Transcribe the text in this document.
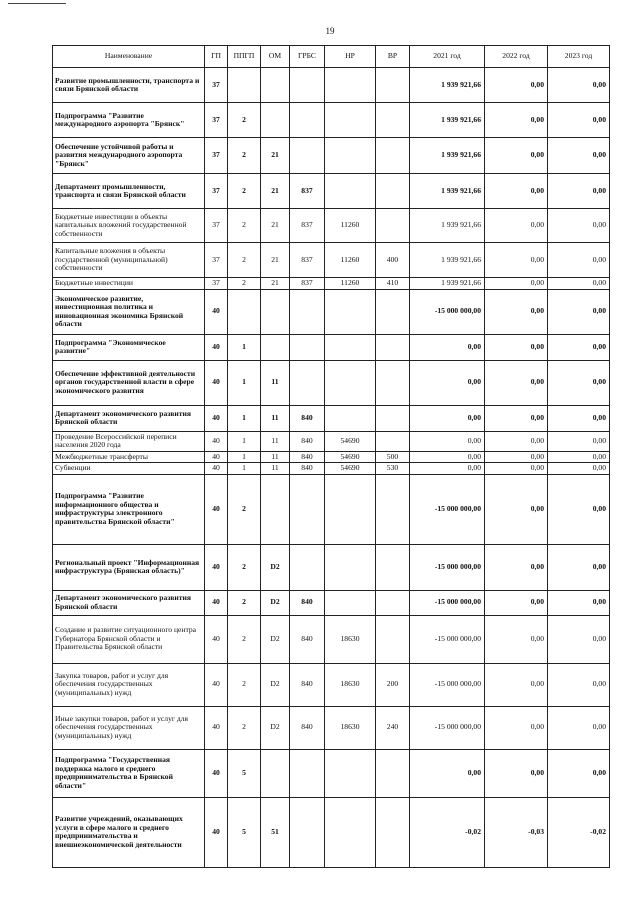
19
Наименование	ГП	ППГП	ОМ	ГРБС	НР	ВР	2021 год	2022 год	2023 год
Развитие промышленности, транспорта и связи Брянской области	37						1 939 921,66	0,00	0,00
Подпрограмма "Развитие международного аэропорта "Брянск"	37	2					1 939 921,66	0,00	0,00
Обеспечение устойчивой работы и развития международного аэропорта "Брянск"	37	2	21				1 939 921,66	0,00	0,00
Департамент промышленности, транспорта и связи Брянской области	37	2	21	837			1 939 921,66	0,00	0,00
Бюджетные инвестиции в объекты капитальных вложений государственной собственности	37	2	21	837	11260		1 939 921,66	0,00	0,00
Капитальные вложения в объекты государственной (муниципальной) собственности	37	2	21	837	11260	400	1 939 921,66	0,00	0,00
Бюджетные инвестиции	37	2	21	837	11260	410	1 939 921,66	0,00	0,00
Экономическое развитие, инвестиционная политика и инновационная экономика Брянской области	40						-15 000 000,00	0,00	0,00
Подпрограмма "Экономическое развитие"	40	1					0,00	0,00	0,00
Обеспечение эффективной деятельности органов государственной власти в сфере экономического развития	40	1	11				0,00	0,00	0,00
Департамент экономического развития Брянской области	40	1	11	840			0,00	0,00	0,00
Проведение Всероссийской переписи населения 2020 года	40	1	11	840	54690		0,00	0,00	0,00
Межбюджетные трансферты	40	1	11	840	54690	500	0,00	0,00	0,00
Субвенции	40	1	11	840	54690	530	0,00	0,00	0,00
Подпрограмма "Развитие информационного общества и инфраструктуры электронного правительства Брянской области"	40	2					-15 000 000,00	0,00	0,00
Региональный проект "Информационная инфраструктура (Брянская область)"	40	2	D2				-15 000 000,00	0,00	0,00
Департамент экономического развития Брянской области	40	2	D2	840			-15 000 000,00	0,00	0,00
Создание и развитие ситуационного центра Губернатора Брянской области и Правительства Брянской области	40	2	D2	840	18630		-15 000 000,00	0,00	0,00
Закупка товаров, работ и услуг для обеспечения государственных (муниципальных) нужд	40	2	D2	840	18630	200	-15 000 000,00	0,00	0,00
Иные закупки товаров, работ и услуг для обеспечения государственных (муниципальных) нужд	40	2	D2	840	18630	240	-15 000 000,00	0,00	0,00
Подпрограмма "Государственная поддержка малого и среднего предпринимательства в Брянской области"	40	5					0,00	0,00	0,00
Развитие учреждений, оказывающих услуги в сфере малого и среднего предпринимательства и внешнеэкономической деятельности	40	5	51				-0,02	-0,03	-0,02
